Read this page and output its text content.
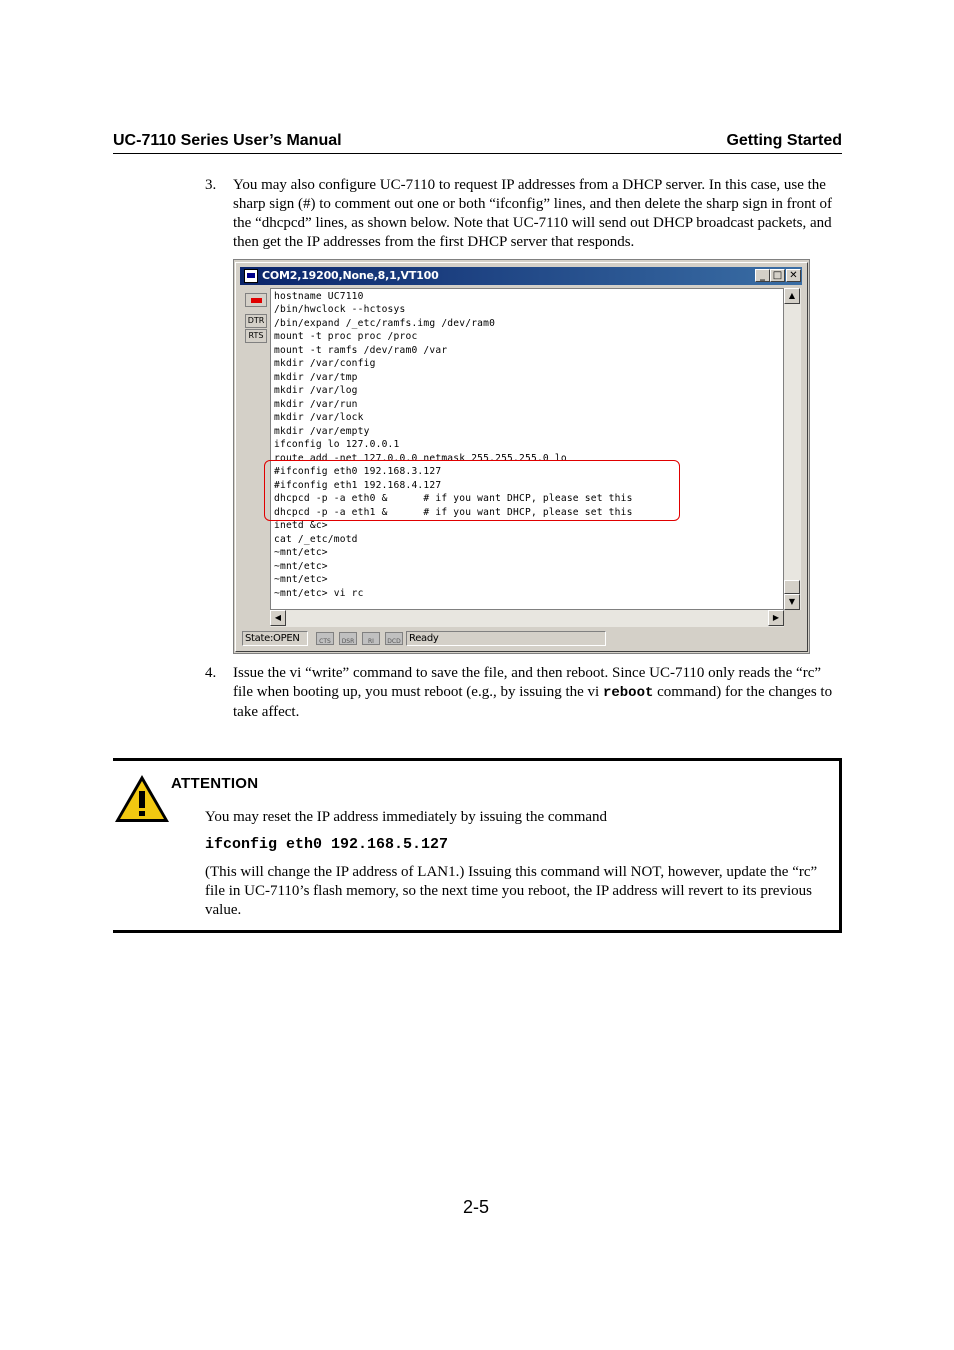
UC-7110 Series User’s Manual	Getting Started
3. You may also configure UC-7110 to request IP addresses from a DHCP server. In this case, use the sharp sign (#) to comment out one or both “ifconfig” lines, and then delete the sharp sign in front of the “dhcpcd” lines, as shown below. Note that UC-7110 will send out DHCP broadcast packets, and then get the IP addresses from the first DHCP server that responds.
COM2,19200,None,8,1,VT100	_ □ ✕
DTR
RTS
hostname UC7110
/bin/hwclock --hctosys
/bin/expand /_etc/ramfs.img /dev/ram0
mount -t proc proc /proc
mount -t ramfs /dev/ram0 /var
mkdir /var/config
mkdir /var/tmp
mkdir /var/log
mkdir /var/run
mkdir /var/lock
mkdir /var/empty
ifconfig lo 127.0.0.1
route add -net 127.0.0.0 netmask 255.255.255.0 lo
#ifconfig eth0 192.168.3.127
#ifconfig eth1 192.168.4.127
dhcpcd -p -a eth0 &      # if you want DHCP, please set this
dhcpcd -p -a eth1 &      # if you want DHCP, please set this
inetd &c>
cat /_etc/motd
~mnt/etc>
~mnt/etc>
~mnt/etc>
~mnt/etc> vi rc
▲
▼
◀	▶
State:OPEN	CTS	DSR	RI	DCD Ready
4. Issue the vi “write” command to save the file, and then reboot. Since UC-7110 only reads the “rc” file when booting up, you must reboot (e.g., by issuing the vi reboot command) for the changes to take affect.
ATTENTION
You may reset the IP address immediately by issuing the command
ifconfig eth0 192.168.5.127
(This will change the IP address of LAN1.) Issuing this command will NOT, however, update the “rc” file in UC-7110’s flash memory, so the next time you reboot, the IP address will revert to its previous value.
2-5
